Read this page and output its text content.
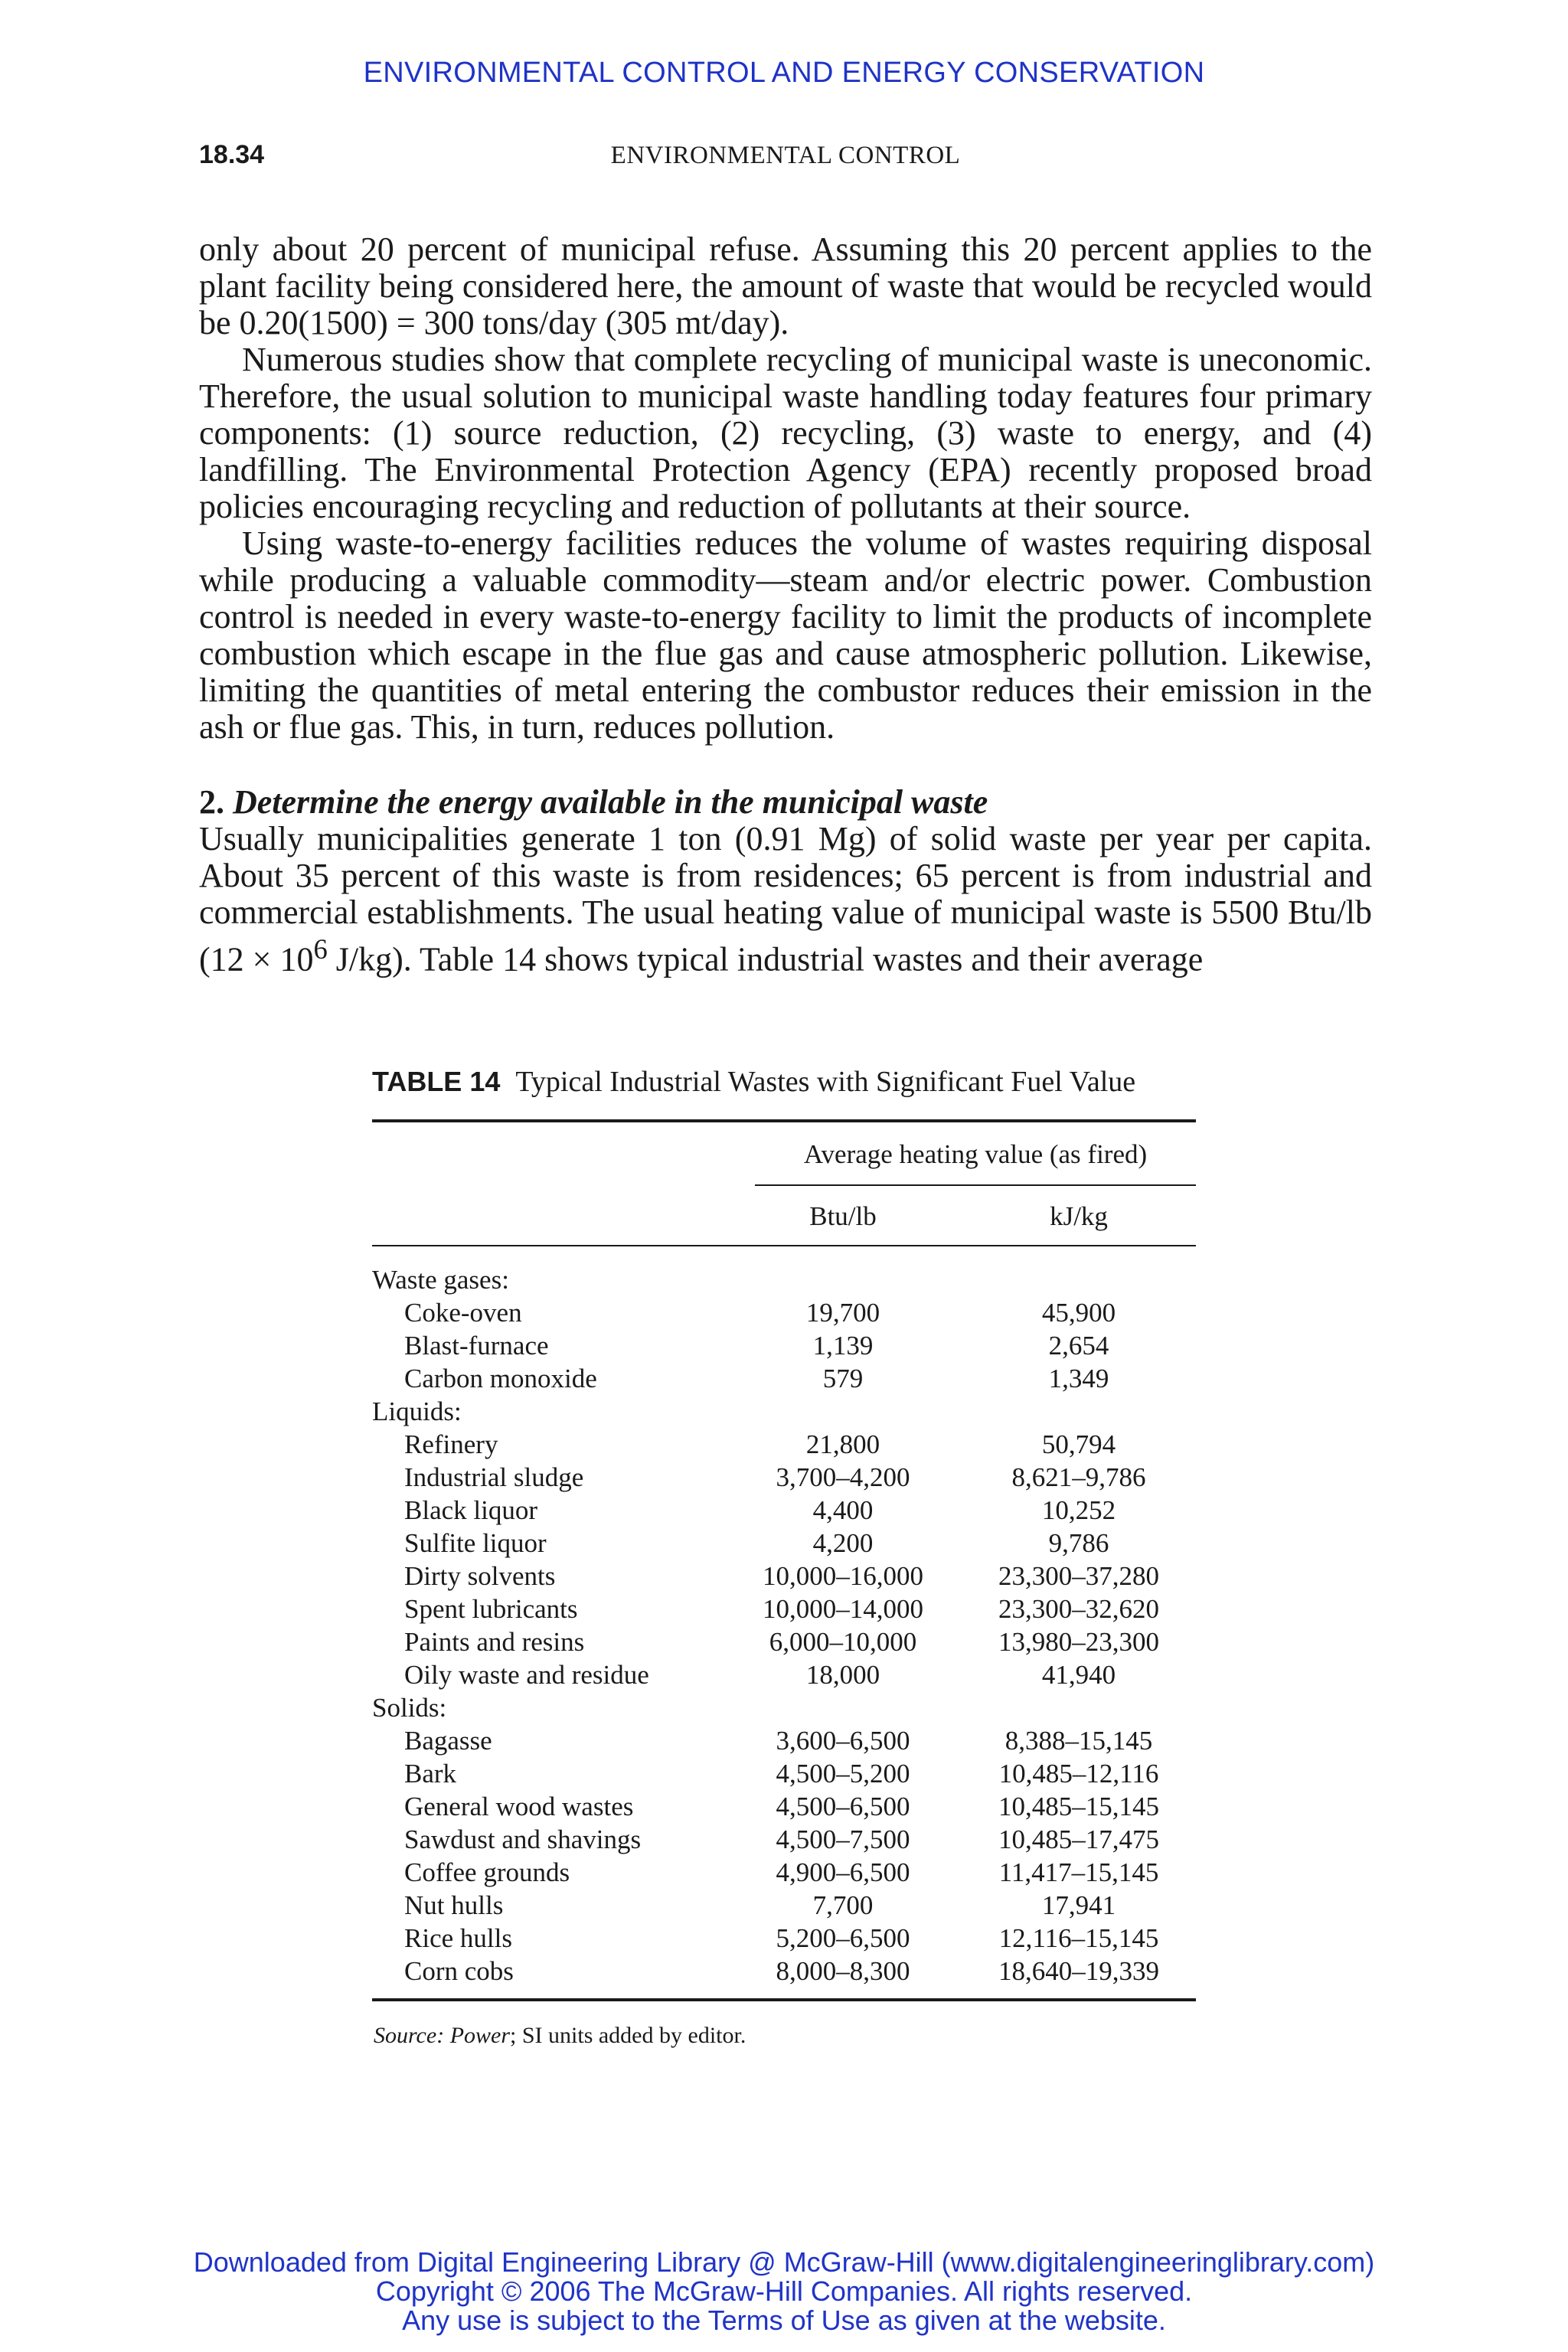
ENVIRONMENTAL CONTROL AND ENERGY CONSERVATION
18.34	ENVIRONMENTAL CONTROL

only about 20 percent of municipal refuse. Assuming this 20 percent applies to the plant facility being considered here, the amount of waste that would be recycled would be 0.20(1500) = 300 tons/day (305 mt/day).

Numerous studies show that complete recycling of municipal waste is uneconomic. Therefore, the usual solution to municipal waste handling today features four primary components: (1) source reduction, (2) recycling, (3) waste to energy, and (4) landfilling. The Environmental Protection Agency (EPA) recently proposed broad policies encouraging recycling and reduction of pollutants at their source.

Using waste-to-energy facilities reduces the volume of wastes requiring disposal while producing a valuable commodity—steam and/or electric power. Combustion control is needed in every waste-to-energy facility to limit the products of incomplete combustion which escape in the flue gas and cause atmospheric pollution. Likewise, limiting the quantities of metal entering the combustor reduces their emission in the ash or flue gas. This, in turn, reduces pollution.

2. Determine the energy available in the municipal waste

Usually municipalities generate 1 ton (0.91 Mg) of solid waste per year per capita. About 35 percent of this waste is from residences; 65 percent is from industrial and commercial establishments. The usual heating value of municipal waste is 5500 Btu/lb ($12 \times 10^6$ J/kg). Table 14 shows typical industrial wastes and their average

TABLE 14 Typical Industrial Wastes with Significant Fuel Value
	Average heating value (as fired)	
	Btu/lb	kJ/kg

Waste gases:		
Coke-oven	19,700	45,900
Blast-furnace	1,139	2,654
Carbon monoxide	579	1,349
Liquids:		
Refinery	21,800	50,794
Industrial sludge	3,700–4,200	8,621–9,786
Black liquor	4,400	10,252
Sulfite liquor	4,200	9,786
Dirty solvents	10,000–16,000	23,300–37,280
Spent lubricants	10,000–14,000	23,300–32,620
Paints and resins	6,000–10,000	13,980–23,300
Oily waste and residue	18,000	41,940
Solids:		
Bagasse	3,600–6,500	8,388–15,145
Bark	4,500–5,200	10,485–12,116
General wood wastes	4,500–6,500	10,485–15,145
Sawdust and shavings	4,500–7,500	10,485–17,475
Coffee grounds	4,900–6,500	11,417–15,145
Nut hulls	7,700	17,941
Rice hulls	5,200–6,500	12,116–15,145
Corn cobs	8,000–8,300	18,640–19,339
Source: Power; SI units added by editor.
Downloaded from Digital Engineering Library @ McGraw-Hill (www.digitalengineeringlibrary.com)
Copyright © 2006 The McGraw-Hill Companies. All rights reserved.
Any use is subject to the Terms of Use as given at the website.
